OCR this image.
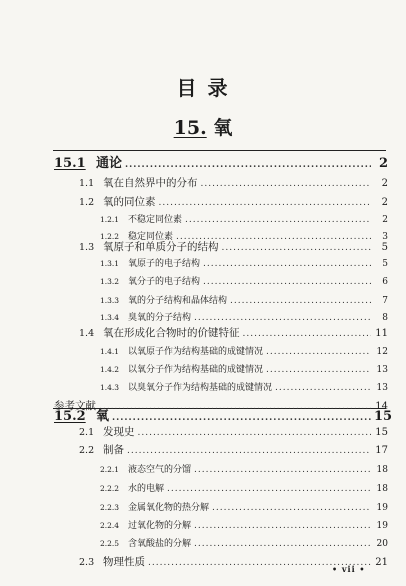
目 录
15. 氧
15.1 通论 .....	2
1.1 氧在自然界中的分布 .....	2
1.2 氧的同位素 .....	2
1.2.1 不稳定同位素 .....	2
1.2.2 稳定同位素 .....	3
1.3 氧原子和单质分子的结构 .....	5
1.3.1 氧原子的电子结构 .....	5
1.3.2 氧分子的电子结构 .....	6
1.3.3 氧的分子结构和晶体结构 .....	7
1.3.4 臭氧的分子结构 .....	8
1.4 氧在形成化合物时的价键特征 .....	11
1.4.1 以氧原子作为结构基础的成键情况 .....	12
1.4.2 以氧分子作为结构基础的成键情况 .....	13
1.4.3 以臭氧分子作为结构基础的成键情况 .....	13
参考文献 .....	14
15.2 氧 .....	15
2.1 发现史 .....	15
2.2 制备 .....	17
2.2.1 液态空气的分馏 .....	18
2.2.2 水的电解 .....	18
2.2.3 金属氧化物的热分解 .....	19
2.2.4 过氧化物的分解 .....	19
2.2.5 含氧酸盐的分解 .....	20
2.3 物理性质 .....	21
• vii •
